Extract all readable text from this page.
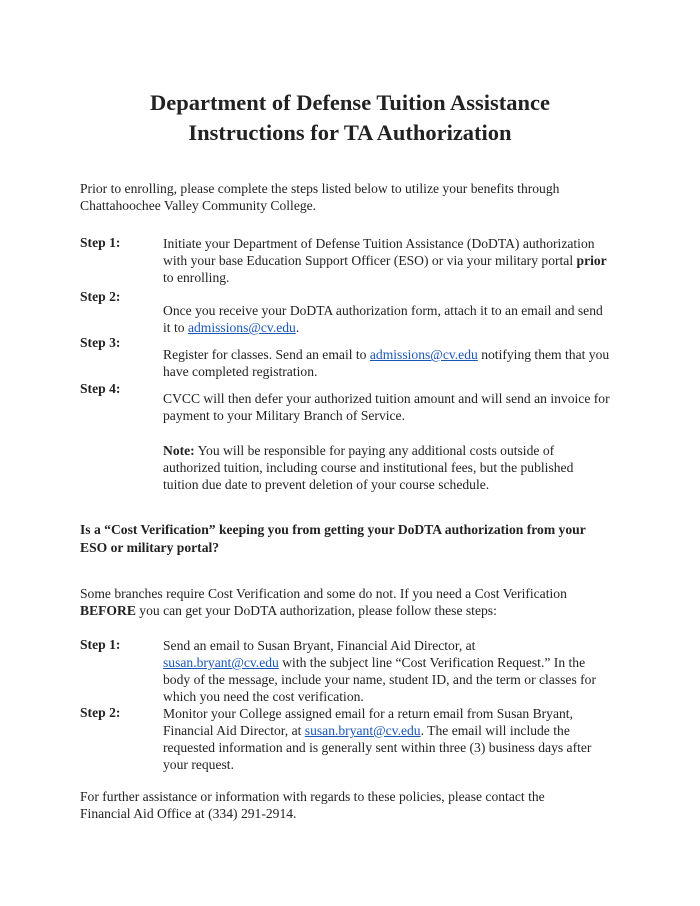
Department of Defense Tuition Assistance
Instructions for TA Authorization
Prior to enrolling, please complete the steps listed below to utilize your benefits through
Chattahoochee Valley Community College.
Step 1:	Initiate your Department of Defense Tuition Assistance (DoDTA) authorization
with your base Education Support Officer (ESO) or via your military portal prior
to enrolling.
Step 2:
Once you receive your DoDTA authorization form, attach it to an email and send
it to admissions@cv.edu.
Step 3:
Register for classes. Send an email to admissions@cv.edu notifying them that you
have completed registration.
Step 4:
CVCC will then defer your authorized tuition amount and will send an invoice for
payment to your Military Branch of Service.
Note: You will be responsible for paying any additional costs outside of
authorized tuition, including course and institutional fees, but the published
tuition due date to prevent deletion of your course schedule.
Is a “Cost Verification” keeping you from getting your DoDTA authorization from your
ESO or military portal?
Some branches require Cost Verification and some do not. If you need a Cost Verification
BEFORE you can get your DoDTA authorization, please follow these steps:
Step 1:	Send an email to Susan Bryant, Financial Aid Director, at
susan.bryant@cv.edu with the subject line “Cost Verification Request.” In the
body of the message, include your name, student ID, and the term or classes for
which you need the cost verification.
Step 2:	Monitor your College assigned email for a return email from Susan Bryant,
Financial Aid Director, at susan.bryant@cv.edu. The email will include the
requested information and is generally sent within three (3) business days after
your request.
For further assistance or information with regards to these policies, please contact the
Financial Aid Office at (334) 291-2914.
